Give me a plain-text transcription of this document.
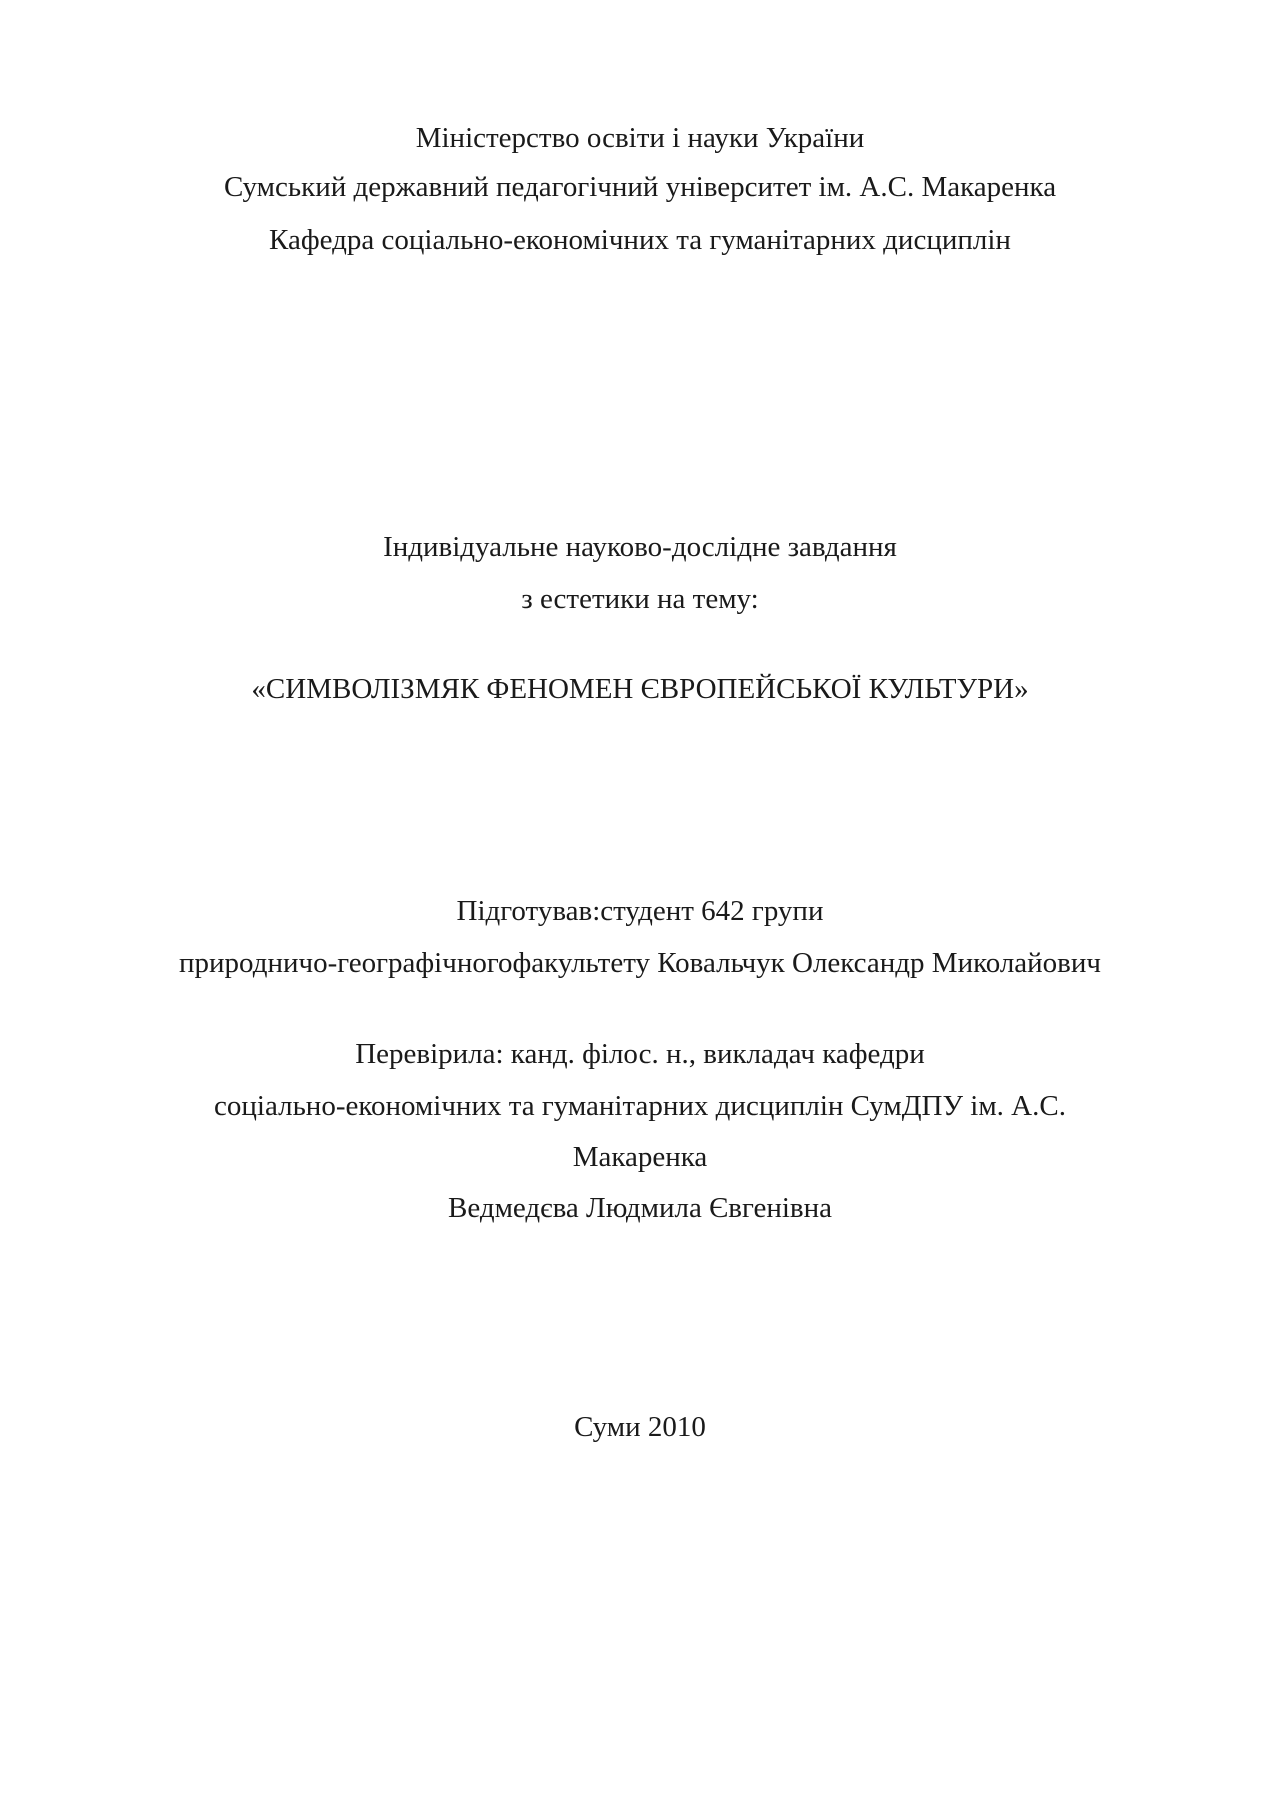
Міністерство освіти і науки України
Сумський державний педагогічний університет ім. А.С. Макаренка
Кафедра соціально-економічних та гуманітарних дисциплін
Індивідуальне науково-дослідне завдання
з естетики на тему:
«СИМВОЛІЗМЯК ФЕНОМЕН ЄВРОПЕЙСЬКОЇ КУЛЬТУРИ»
Підготував:студент 642 групи
природничо-географічногофакультету Ковальчук Олександр Миколайович
Перевірила: канд. філос. н., викладач кафедри
соціально-економічних та гуманітарних дисциплін СумДПУ ім. А.С.
Макаренка
Ведмедєва Людмила Євгенівна
Суми 2010
